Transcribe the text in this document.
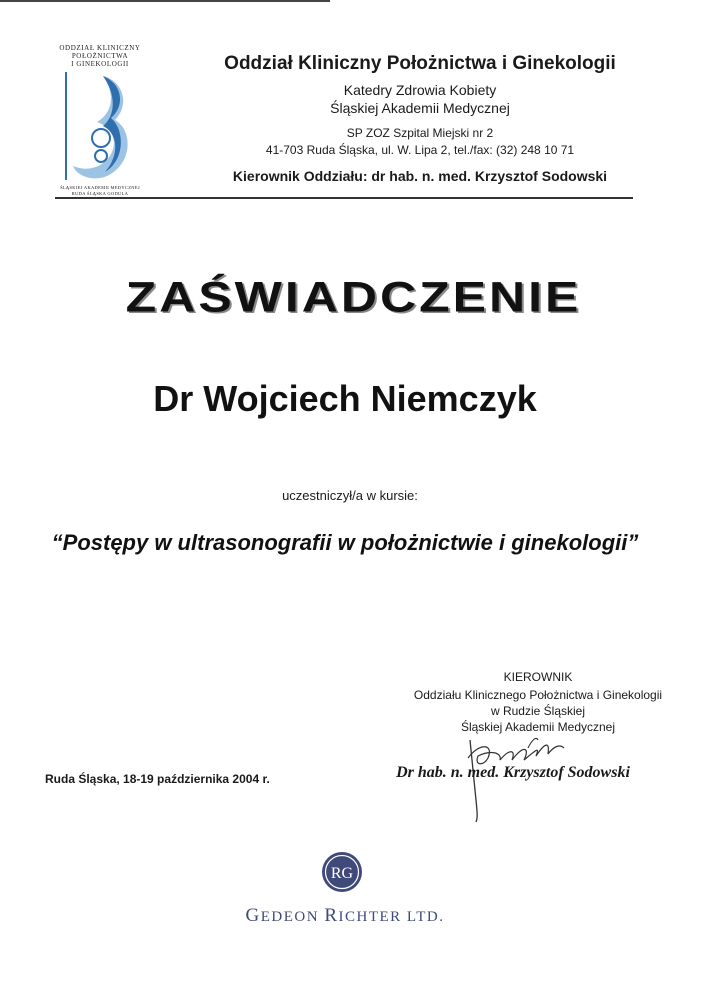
ODDZIAŁ KLINICZNY
POŁOŻNICTWA
I GINEKOLOGII
ŚLĄSKIEJ AKADEMII MEDYCZNEJ
RUDA ŚLĄSKA GODULA
Oddział Kliniczny Położnictwa i Ginekologii
Katedry Zdrowia Kobiety
Śląskiej Akademii Medycznej
SP ZOZ Szpital Miejski nr 2
41-703 Ruda Śląska, ul. W. Lipa 2, tel./fax: (32) 248 10 71
Kierownik Oddziału: dr hab. n. med. Krzysztof Sodowski
ZAŚWIADCZENIE
Dr Wojciech Niemczyk
uczestniczył/a w kursie:
“Postępy w ultrasonografii w położnictwie i ginekologii”
KIEROWNIK
Oddziału Klinicznego Położnictwa i Ginekologii
w Rudzie Śląskiej
Śląskiej Akademii Medycznej
Dr hab. n. med. Krzysztof Sodowski
Ruda Śląska, 18-19 października 2004 r.
RG
GEDEON RICHTER LTD.
